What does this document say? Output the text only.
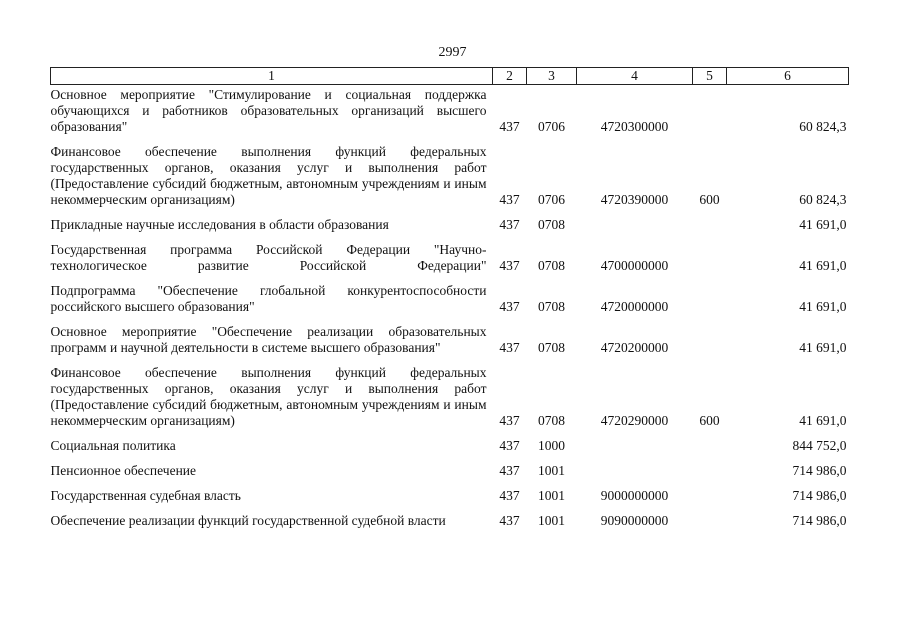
2997
1	2	3	4	5	6
Основное мероприятие "Стимулирование и социальная поддержка обучающихся и работников образовательных организаций высшего образования"	437	0706	4720300000		60 824,3

Финансовое обеспечение выполнения функций федеральных государственных органов, оказания услуг и выполнения работ (Предоставление субсидий бюджетным, автономным учреждениям и иным некоммерческим организациям)	437	0706	4720390000	600	60 824,3

Прикладные научные исследования в области образования	437	0708			41 691,0

Государственная программа Российской Федерации "Научно-технологическое развитие Российской Федерации"	437	0708	4700000000		41 691,0

Подпрограмма "Обеспечение глобальной конкурентоспособности российского высшего образования"	437	0708	4720000000		41 691,0

Основное мероприятие "Обеспечение реализации образовательных программ и научной деятельности в системе высшего образования"	437	0708	4720200000		41 691,0

Финансовое обеспечение выполнения функций федеральных государственных органов, оказания услуг и выполнения работ (Предоставление субсидий бюджетным, автономным учреждениям и иным некоммерческим организациям)	437	0708	4720290000	600	41 691,0

Социальная политика	437	1000			844 752,0

Пенсионное обеспечение	437	1001			714 986,0

Государственная судебная власть	437	1001	9000000000		714 986,0

Обеспечение реализации функций государственной судебной власти	437	1001	9090000000		714 986,0
